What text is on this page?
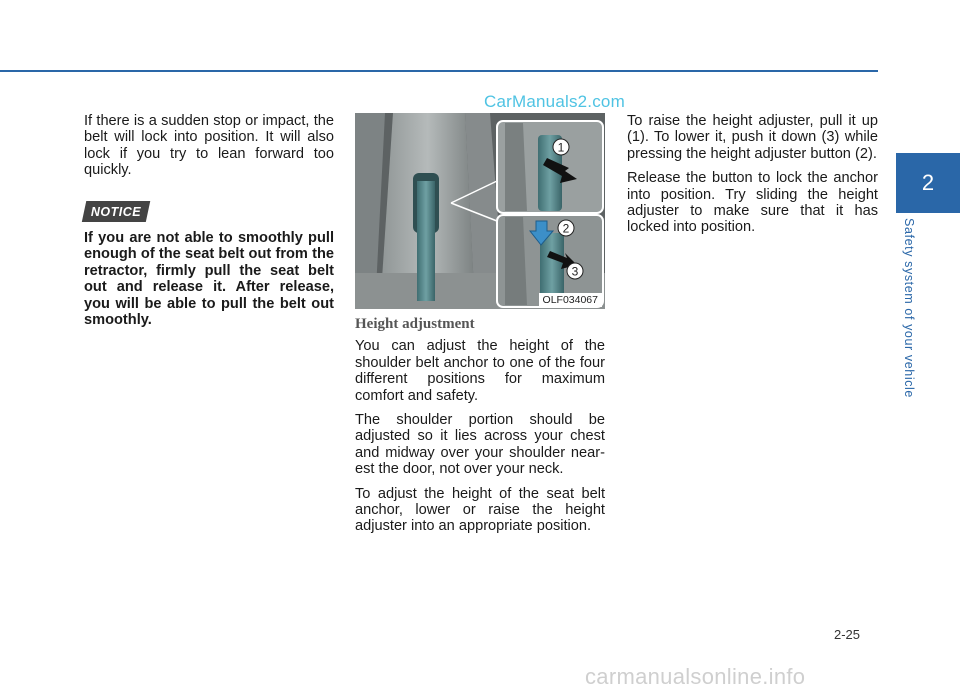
CarManuals2.com

If there is a sudden stop or impact, the belt will lock into position. It will also lock if you try to lean forward too quickly.

NOTICE

If you are not able to smoothly pull enough of the seat belt out from the retractor, firmly pull the seat belt out and release it. After release, you will be able to pull the belt out smoothly.

1
2
3
OLF034067
Height adjustment

You can adjust the height of the shoulder belt anchor to one of the four different positions for maximum comfort and safety.

The shoulder portion should be adjusted so it lies across your chest and midway over your shoulder near-est the door, not over your neck.

To adjust the height of the seat belt anchor, lower or raise the height adjuster into an appropriate position.

To raise the height adjuster, pull it up (1). To lower it, push it down (3) while pressing the height adjuster button (2).

Release the button to lock the anchor into position. Try sliding the height adjuster to make sure that it has locked into position.

2
Safety system of your vehicle
2-25
carmanualsonline.info
